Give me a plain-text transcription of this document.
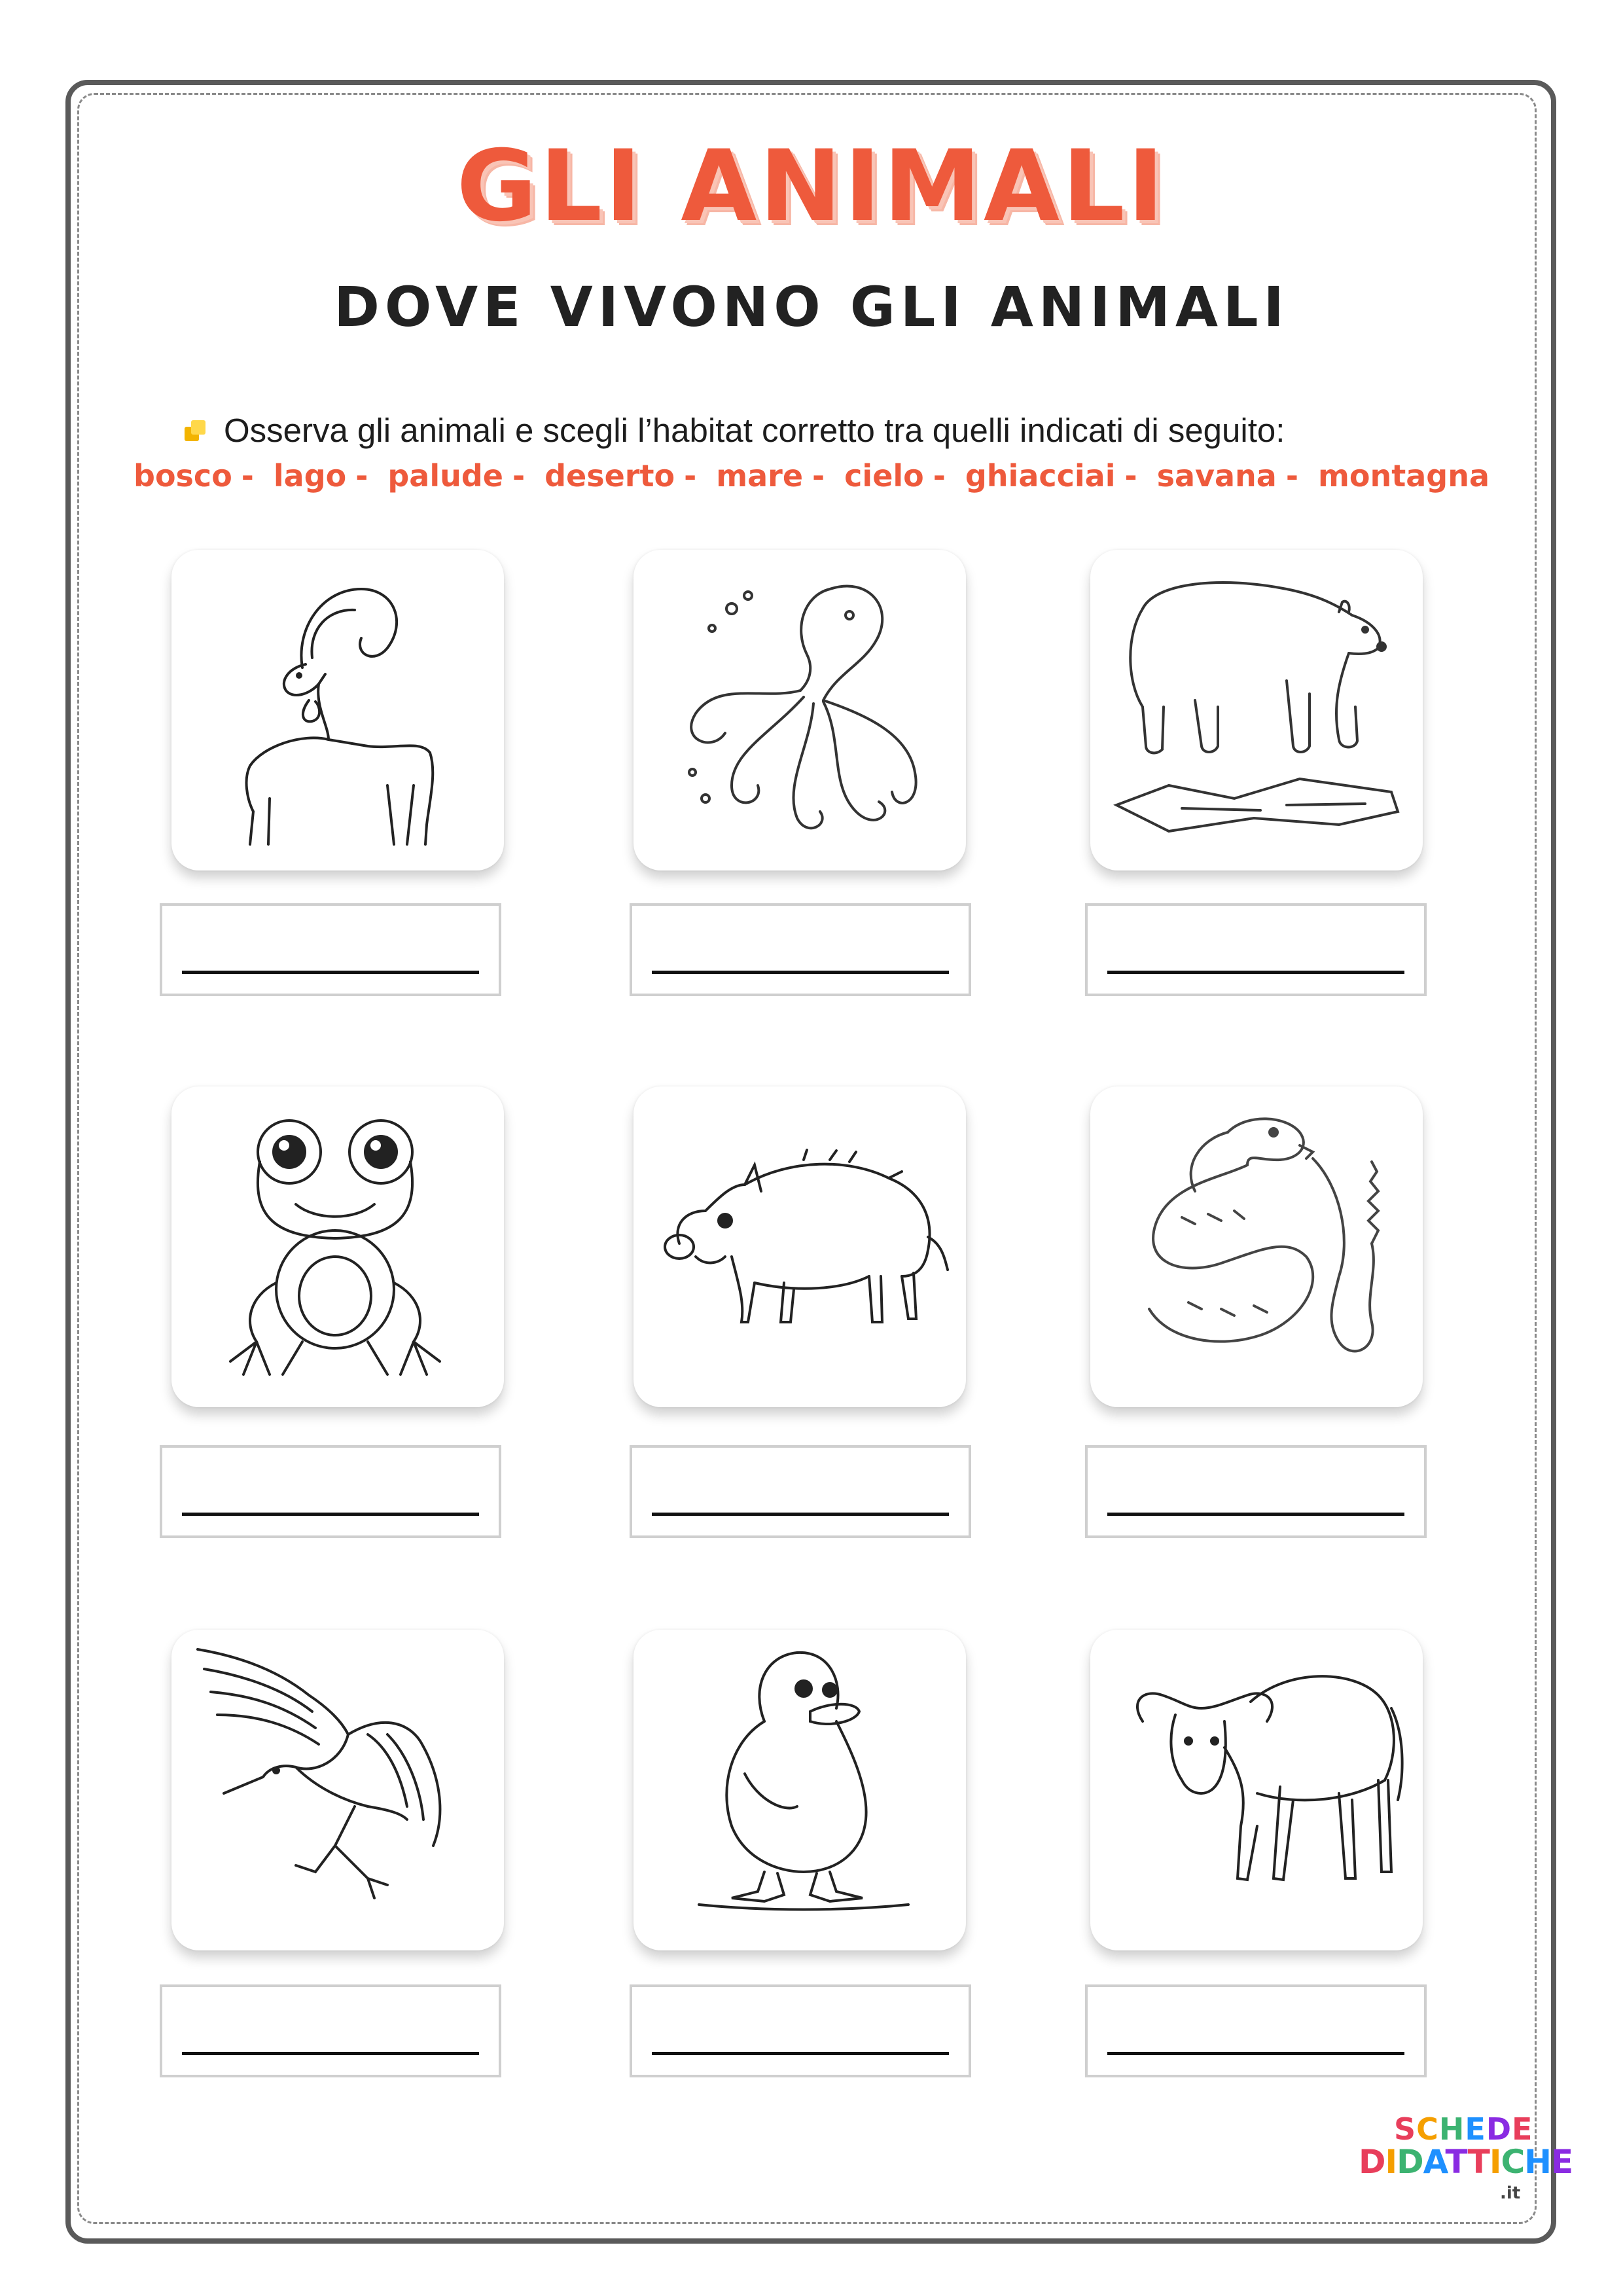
GLI ANIMALI
DOVE VIVONO GLI ANIMALI
Osserva gli animali e scegli l’habitat corretto tra quelli indicati di seguito:
bosco - lago - palude - deserto - mare - cielo - ghiacciai - savana - montagna
SCHEDE
DIDATTICHE
.it
